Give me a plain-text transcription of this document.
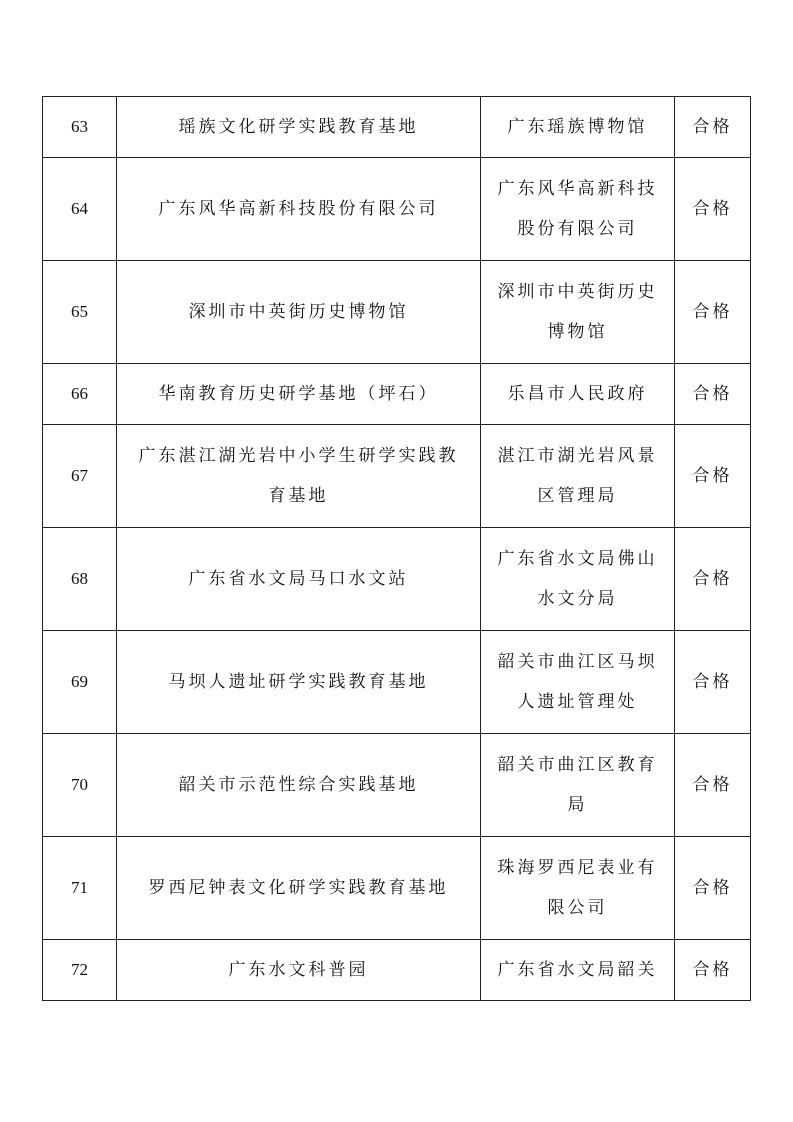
63	瑶族文化研学实践教育基地	广东瑶族博物馆	合格
64	广东风华高新科技股份有限公司	广东风华高新科技
股份有限公司	合格
65	深圳市中英街历史博物馆	深圳市中英街历史
博物馆	合格
66	华南教育历史研学基地（坪石）	乐昌市人民政府	合格
67	广东湛江湖光岩中小学生研学实践教育基地	湛江市湖光岩风景
区管理局	合格
68	广东省水文局马口水文站	广东省水文局佛山
水文分局	合格
69	马坝人遗址研学实践教育基地	韶关市曲江区马坝
人遗址管理处	合格
70	韶关市示范性综合实践基地	韶关市曲江区教育
局	合格
71	罗西尼钟表文化研学实践教育基地	珠海罗西尼表业有
限公司	合格
72	广东水文科普园	广东省水文局韶关	合格
